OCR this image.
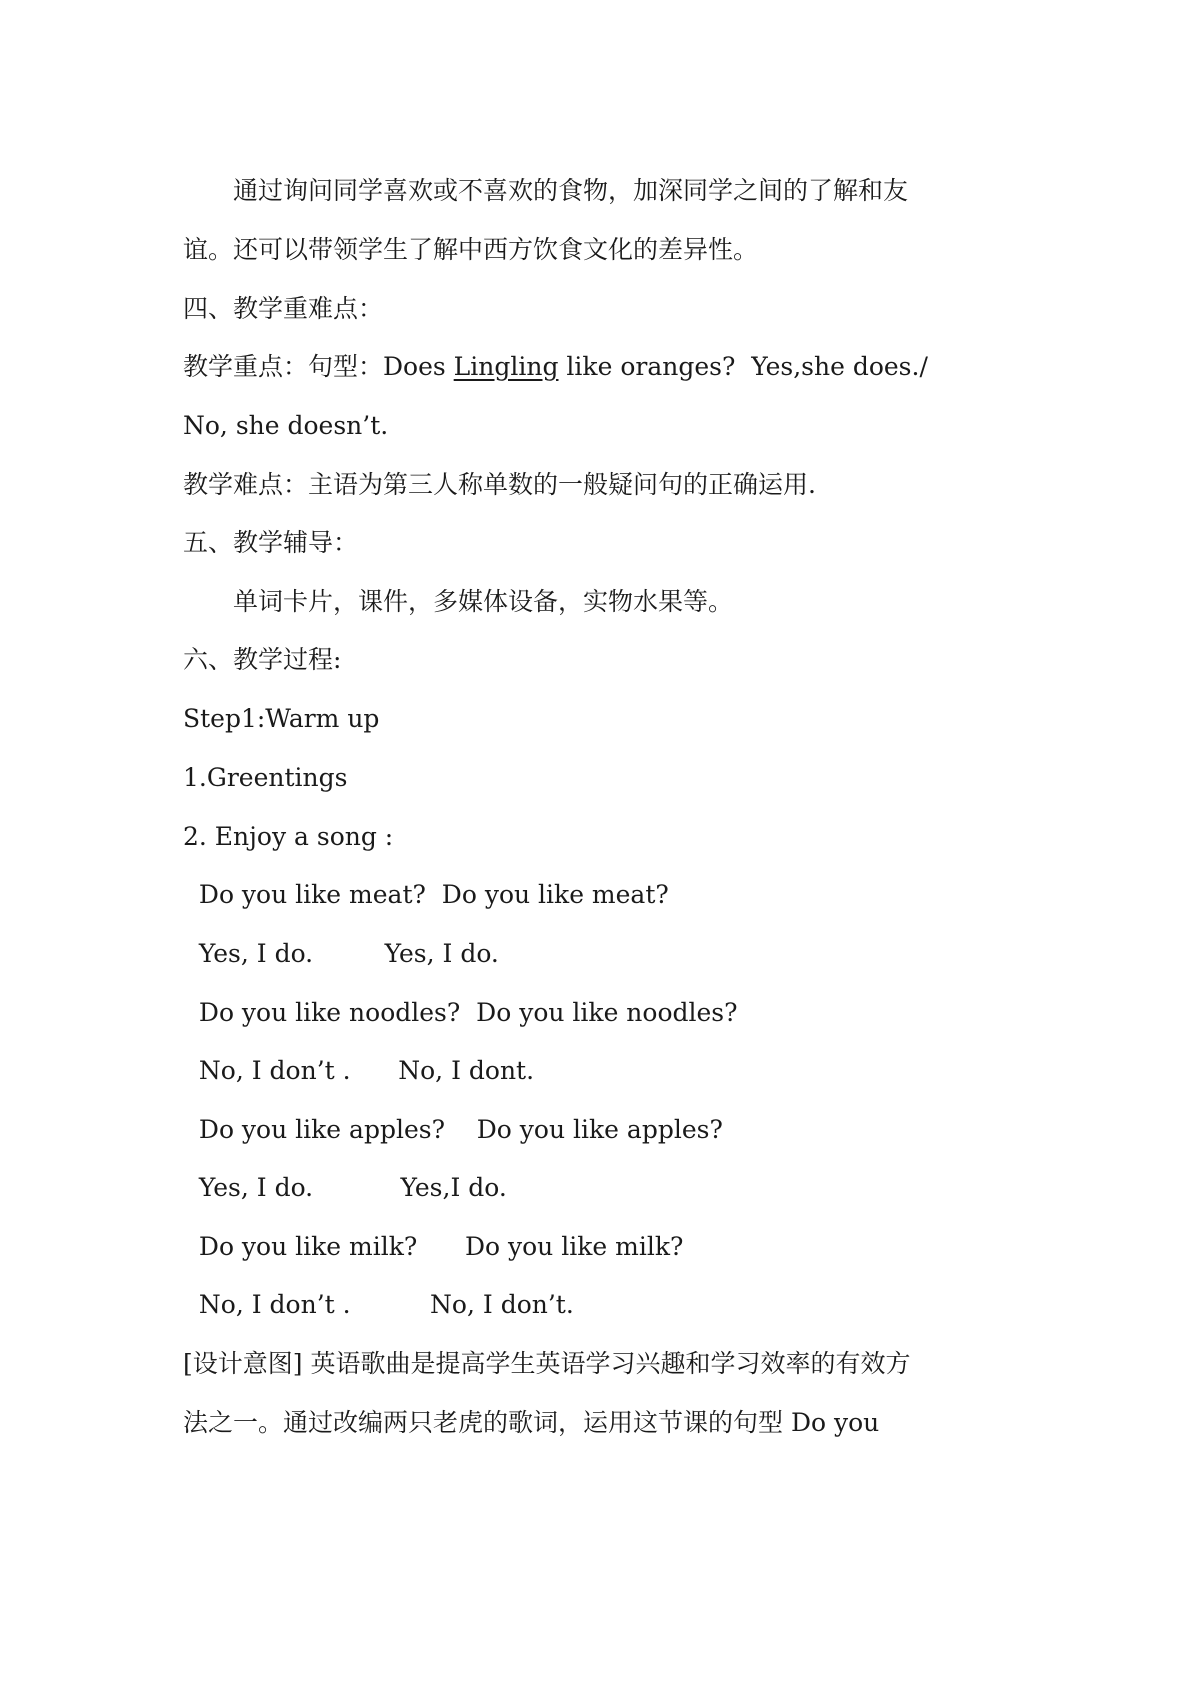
　　通过询问同学喜欢或不喜欢的食物，加深同学之间的了解和友
谊。还可以带领学生了解中西方饮食文化的差异性。
四、教学重难点：
教学重点：句型：Does Lingling like oranges?  Yes,she does./
No, she doesn’t.
教学难点：主语为第三人称单数的一般疑问句的正确运用.
五、教学辅导：
　　单词卡片，课件，多媒体设备，实物水果等。
六、教学过程:
Step1:Warm up
1.Greentings
2. Enjoy a song :
Do you like meat?  Do you like meat?
Yes, I do.         Yes, I do.
Do you like noodles?  Do you like noodles?
No, I don’t .      No, I dont.
Do you like apples?    Do you like apples?
Yes, I do.           Yes,I do.
Do you like milk?      Do you like milk?
No, I don’t .          No, I don’t.
[设计意图] 英语歌曲是提高学生英语学习兴趣和学习效率的有效方
法之一。通过改编两只老虎的歌词，运用这节课的句型 Do you
